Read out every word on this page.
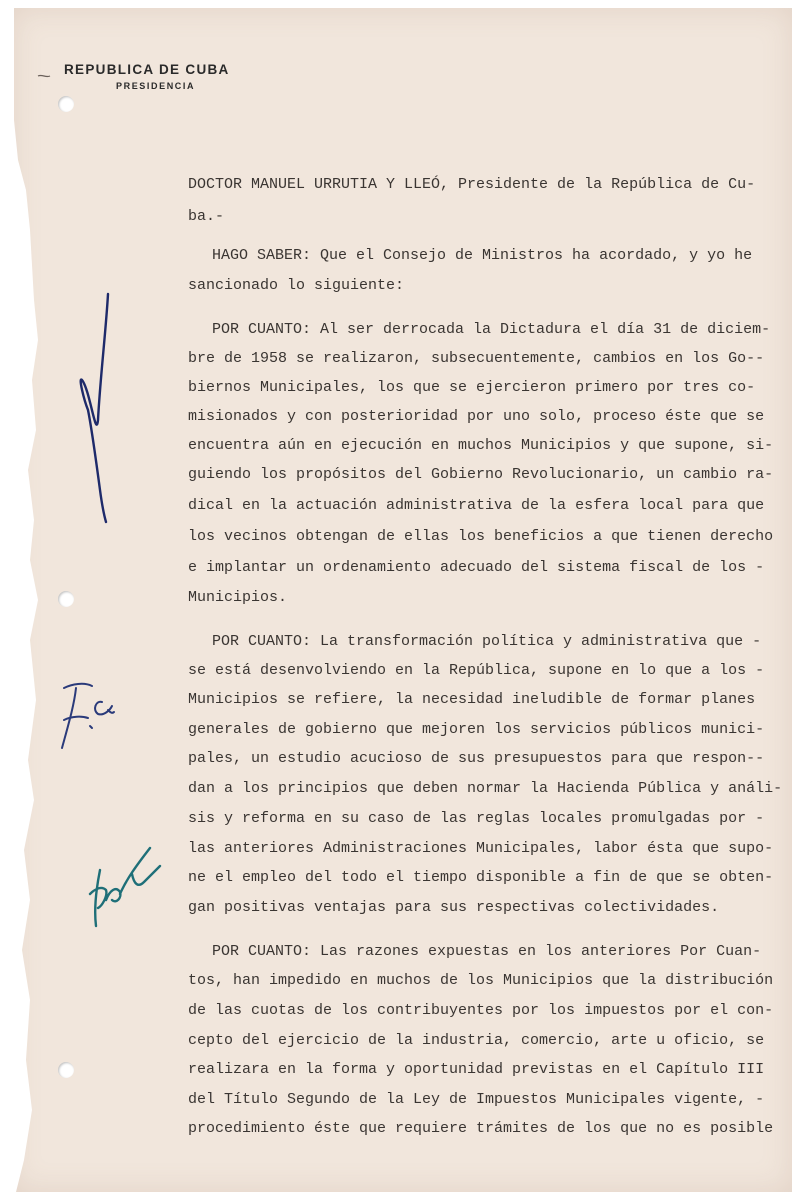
REPUBLICA DE CUBA
PRESIDENCIA
DOCTOR MANUEL URRUTIA Y LLEÓ, Presidente de la República de Cu-
ba.-
HAGO SABER: Que el Consejo de Ministros ha acordado, y yo he
sancionado lo siguiente:
POR CUANTO: Al ser derrocada la Dictadura el día 31 de diciem-
bre de 1958 se realizaron, subsecuentemente, cambios en los Go--
biernos Municipales, los que se ejercieron primero por tres co-
misionados y con posterioridad por uno solo, proceso éste que se
encuentra aún en ejecución en muchos Municipios y que supone, si-
guiendo los propósitos del Gobierno Revolucionario, un cambio ra-
dical en la actuación administrativa de la esfera local para que
los vecinos obtengan de ellas los beneficios a que tienen derecho
e implantar un ordenamiento adecuado del sistema fiscal de los -
Municipios.
POR CUANTO: La transformación política y administrativa que -
se está desenvolviendo en la República, supone en lo que a los -
Municipios se refiere, la necesidad ineludible de formar planes
generales de gobierno que mejoren los servicios públicos munici-
pales, un estudio acucioso de sus presupuestos para que respon--
dan a los principios que deben normar la Hacienda Pública y análi-
sis y reforma en su caso de las reglas locales promulgadas por -
las anteriores Administraciones Municipales, labor ésta que supo-
ne el empleo del todo el tiempo disponible a fin de que se obten-
gan positivas ventajas para sus respectivas colectividades.
POR CUANTO: Las razones expuestas en los anteriores Por Cuan-
tos, han impedido en muchos de los Municipios que la distribución
de las cuotas de los contribuyentes por los impuestos por el con-
cepto del ejercicio de la industria, comercio, arte u oficio, se
realizara en la forma y oportunidad previstas en el Capítulo III
del Título Segundo de la Ley de Impuestos Municipales vigente, -
procedimiento éste que requiere trámites de los que no es posible
